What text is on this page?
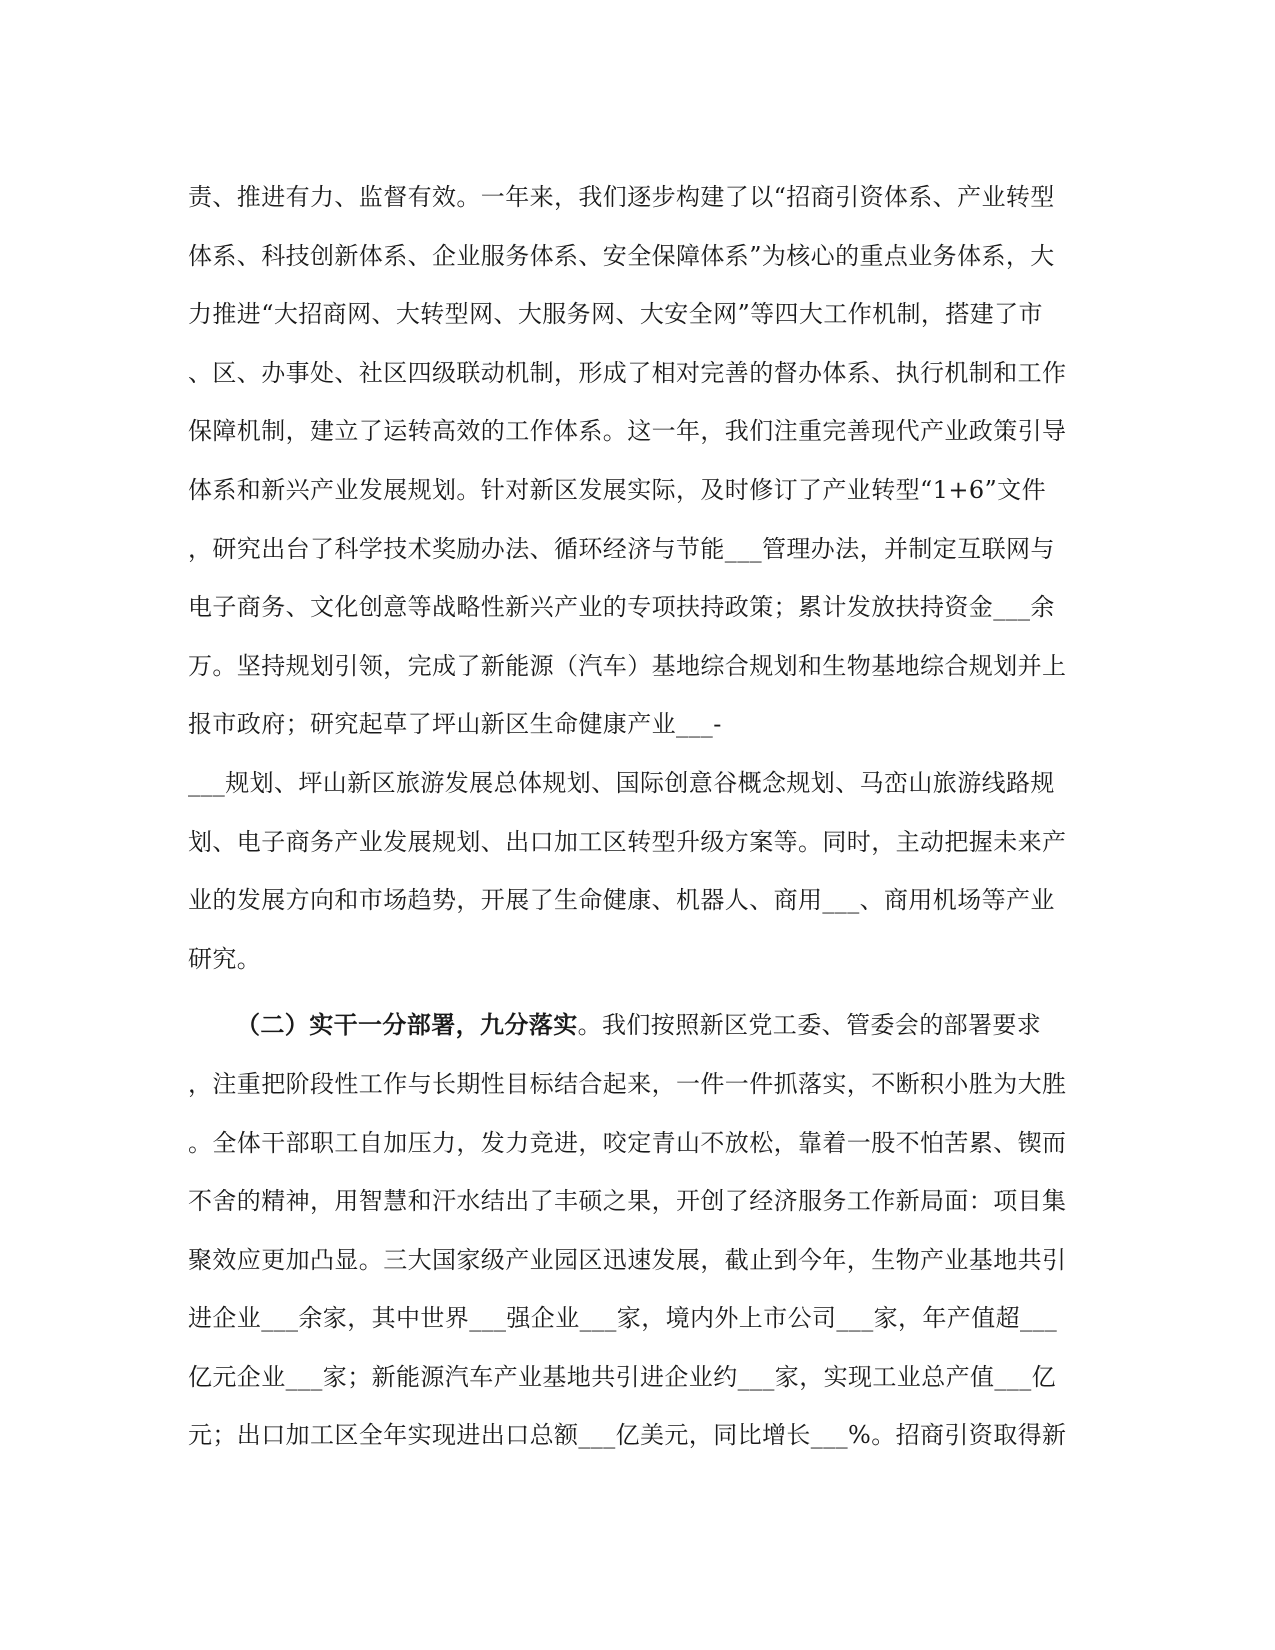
责、推进有力、监督有效。一年来，我们逐步构建了以“招商引资体系、产业转型
体系、科技创新体系、企业服务体系、安全保障体系”为核心的重点业务体系，大
力推进“大招商网、大转型网、大服务网、大安全网”等四大工作机制，搭建了市
、区、办事处、社区四级联动机制，形成了相对完善的督办体系、执行机制和工作
保障机制，建立了运转高效的工作体系。这一年，我们注重完善现代产业政策引导
体系和新兴产业发展规划。针对新区发展实际，及时修订了产业转型“1+6”文件
，研究出台了科学技术奖励办法、循环经济与节能___管理办法，并制定互联网与
电子商务、文化创意等战略性新兴产业的专项扶持政策；累计发放扶持资金___余
万。坚持规划引领，完成了新能源（汽车）基地综合规划和生物基地综合规划并上
报市政府；研究起草了坪山新区生命健康产业___-
___规划、坪山新区旅游发展总体规划、国际创意谷概念规划、马峦山旅游线路规
划、电子商务产业发展规划、出口加工区转型升级方案等。同时，主动把握未来产
业的发展方向和市场趋势，开展了生命健康、机器人、商用___、商用机场等产业
研究。
（二）实干一分部署，九分落实。我们按照新区党工委、管委会的部署要求
，注重把阶段性工作与长期性目标结合起来，一件一件抓落实，不断积小胜为大胜
。全体干部职工自加压力，发力竞进，咬定青山不放松，靠着一股不怕苦累、锲而
不舍的精神，用智慧和汗水结出了丰硕之果，开创了经济服务工作新局面：项目集
聚效应更加凸显。三大国家级产业园区迅速发展，截止到今年，生物产业基地共引
进企业___余家，其中世界___强企业___家，境内外上市公司___家，年产值超___
亿元企业___家；新能源汽车产业基地共引进企业约___家，实现工业总产值___亿
元；出口加工区全年实现进出口总额___亿美元，同比增长___%。招商引资取得新
